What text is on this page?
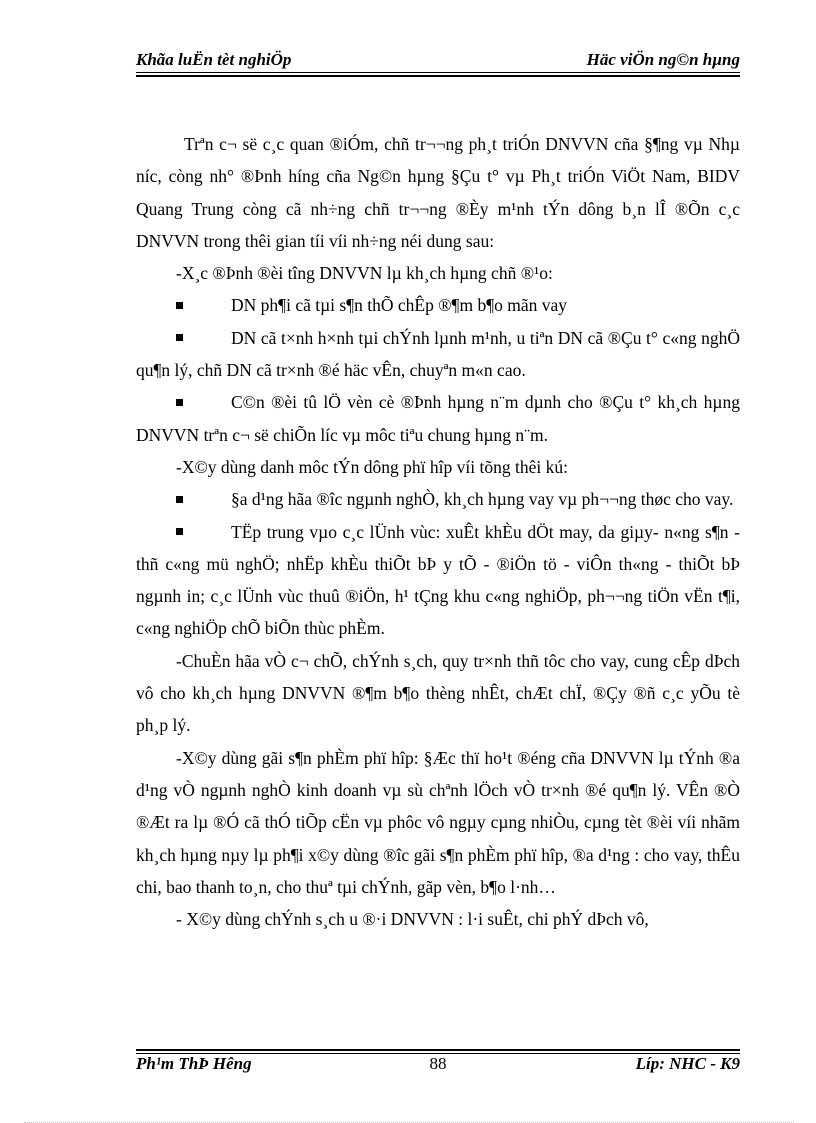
Khãa luËn tèt nghiÖp	Häc viÖn ng©n hµng

Trªn c¬ së c¸c quan ®iÓm, chñ tr¬¬ng ph¸t triÓn DNVVN cña §¶ng vµ Nhµ níc, còng nh° ®Þnh híng cña Ng©n hµng §Çu t° vµ Ph¸t triÓn ViÖt Nam, BIDV Quang Trung còng cã nh÷ng chñ tr¬¬ng ®Èy m¹nh tÝn dông b¸n lÎ ®Õn c¸c DNVVN trong thêi gian tíi víi nh÷ng néi dung sau:

-X¸c ®Þnh ®èi tîng DNVVN lµ kh¸ch hµng chñ ®¹o:

DN ph¶i cã tµi s¶n thÕ chÊp ®¶m b¶o mãn vay

DN cã t×nh h×nh tµi chÝnh lµnh m¹nh, u tiªn DN cã ®Çu t° c«ng nghÖ qu¶n lý, chñ DN cã tr×nh ®é häc vÊn, chuyªn m«n cao.

C©n ®èi tû lÖ vèn cè ®Þnh hµng n¨m dµnh cho ®Çu t° kh¸ch hµng DNVVN trªn c¬ së chiÕn líc vµ môc tiªu chung hµng n¨m.

-X©y dùng danh môc tÝn dông phï hîp víi tõng thêi kú:

§a d¹ng hãa ®îc ngµnh nghÒ, kh¸ch hµng vay vµ ph¬¬ng thøc cho vay.

TËp trung vµo c¸c lÜnh vùc: xuÊt khÈu dÖt may, da giµy- n«ng s¶n - thñ c«ng mü nghÖ; nhËp khÈu thiÕt bÞ y tÕ - ®iÖn tö - viÔn th«ng - thiÕt bÞ ngµnh in; c¸c lÜnh vùc thuû ®iÖn, h¹ tÇng khu c«ng nghiÖp, ph¬¬ng tiÖn vËn t¶i, c«ng nghiÖp chÕ biÕn thùc phÈm.

-ChuÈn hãa vÒ c¬ chÕ, chÝnh s¸ch, quy tr×nh thñ tôc cho vay, cung cÊp dÞch vô cho kh¸ch hµng DNVVN ®¶m b¶o thèng nhÊt, chÆt chÏ, ®Çy ®ñ c¸c yÕu tè ph¸p lý.

-X©y dùng gãi s¶n phÈm phï hîp: §Æc thï ho¹t ®éng cña DNVVN lµ tÝnh ®a d¹ng vÒ ngµnh nghÒ kinh doanh vµ sù chªnh lÖch vÒ tr×nh ®é qu¶n lý. VÊn ®Ò ®Æt ra lµ ®Ó cã thÓ tiÕp cËn vµ phôc vô ngµy cµng nhiÒu, cµng tèt ®èi víi nhãm kh¸ch hµng nµy lµ ph¶i x©y dùng ®îc gãi s¶n phÈm phï hîp, ®a d¹ng : cho vay, thÊu chi, bao thanh to¸n, cho thuª tµi chÝnh, gãp vèn, b¶o l·nh…

- X©y dùng chÝnh s¸ch u ®·i DNVVN : l·i suÊt, chi phÝ dÞch vô,

Ph¹m ThÞ Hêng	88	Líp: NHC - K9
